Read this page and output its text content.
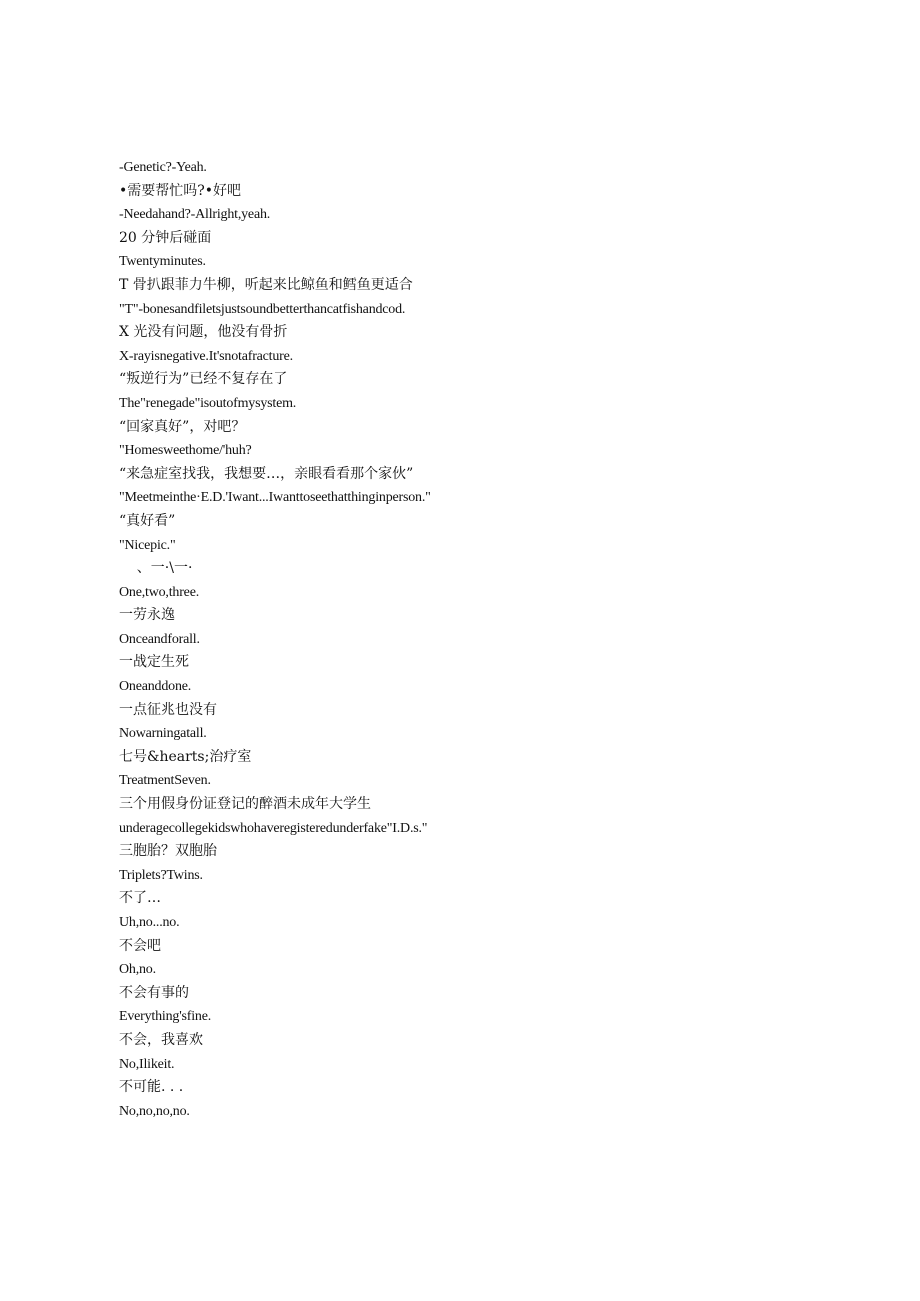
-Genetic?-Yeah.
•需要帮忙吗?•好吧
-Needahand?-Allright,yeah.
20 分钟后碰面
Twentyminutes.
T 骨扒跟菲力牛柳，听起来比鲸鱼和鳕鱼更适合
"T"-bonesandfiletsjustsoundbetterthancatfishandcod.
X 光没有问题，他没有骨折
X-rayisnegative.It'snotafracture.
“叛逆行为”已经不复存在了
The"renegade"isoutofmysystem.
“回家真好”，对吧？
"Homesweethome/'huh?
“来急症室找我，我想要…，亲眼看看那个家伙”
"Meetmeinthe·E.D.'Iwant...Iwanttoseethatthinginperson."
“真好看”
"Nicepic."
、一·\一·
One,two,three.
一劳永逸
Onceandforall.
一战定生死
Oneanddone.
一点征兆也没有
Nowarningatall.
七号&hearts;治疗室
TreatmentSeven.
三个用假身份证登记的醉酒未成年大学生
underagecollegekidswhohaveregisteredunderfake"I.D.s."
三胞胎？双胞胎
Triplets?Twins.
不了…
Uh,no...no.
不会吧
Oh,no.
不会有事的
Everything'sfine.
不会，我喜欢
No,Ilikeit.
不可能. . .
No,no,no,no.
